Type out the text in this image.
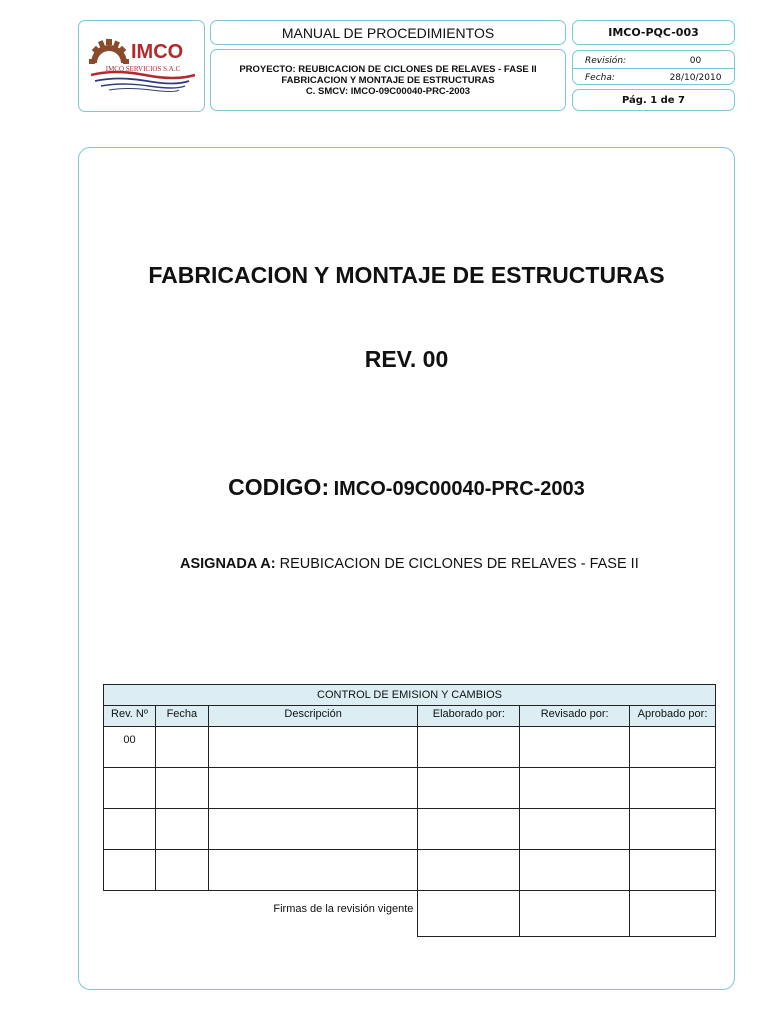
IMCO
IMCO SERVICIOS S.A.C
MANUAL DE PROCEDIMIENTOS
PROYECTO: REUBICACION DE CICLONES DE RELAVES - FASE II
FABRICACION Y MONTAJE DE ESTRUCTURAS
C. SMCV: IMCO-09C00040-PRC-2003
IMCO-PQC-003
Revisión:	00
Fecha:	28/10/2010
Pág. 1 de 7
FABRICACION Y MONTAJE DE ESTRUCTURAS
REV. 00
CODIGO: IMCO-09C00040-PRC-2003
ASIGNADA A: REUBICACION DE CICLONES DE RELAVES - FASE II
CONTROL DE EMISION Y CAMBIOS					
Rev. Nº	Fecha	Descripción	Elaborado por:	Revisado por:	Aprobado por:
00					

Firmas de la revisión vigente					
